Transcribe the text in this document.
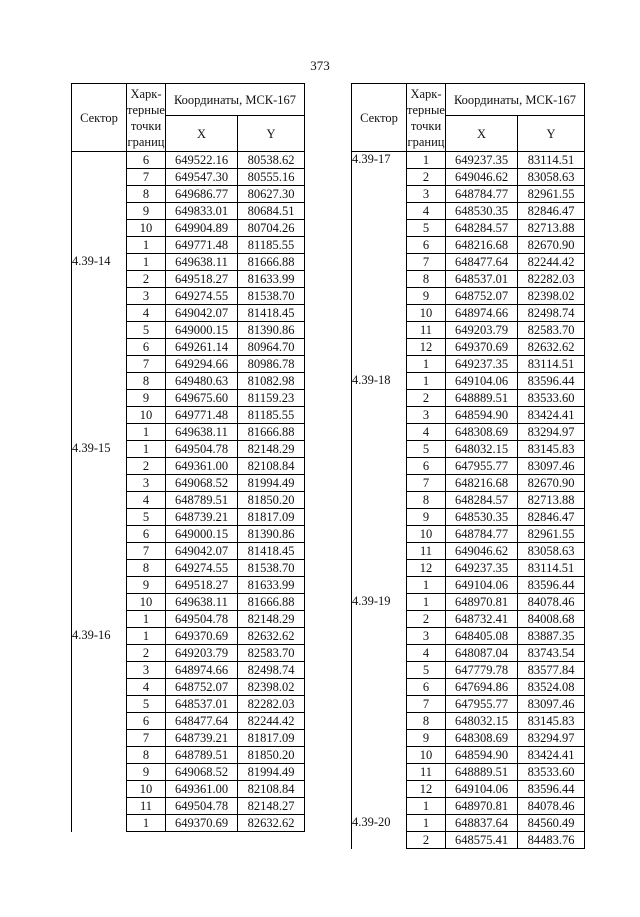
373
Сектор	Харк-терные точки границ	Координаты, МСК-167	
		X	Y
	6	649522.16	80538.62
	7	649547.30	80555.16
	8	649686.77	80627.30
	9	649833.01	80684.51
	10	649904.89	80704.26
	1	649771.48	81185.55
4.39-14	1	649638.11	81666.88
	2	649518.27	81633.99
	3	649274.55	81538.70
	4	649042.07	81418.45
	5	649000.15	81390.86
	6	649261.14	80964.70
	7	649294.66	80986.78
	8	649480.63	81082.98
	9	649675.60	81159.23
	10	649771.48	81185.55
	1	649638.11	81666.88
4.39-15	1	649504.78	82148.29
	2	649361.00	82108.84
	3	649068.52	81994.49
	4	648789.51	81850.20
	5	648739.21	81817.09
	6	649000.15	81390.86
	7	649042.07	81418.45
	8	649274.55	81538.70
	9	649518.27	81633.99
	10	649638.11	81666.88
	1	649504.78	82148.29
4.39-16	1	649370.69	82632.62
	2	649203.79	82583.70
	3	648974.66	82498.74
	4	648752.07	82398.02
	5	648537.01	82282.03
	6	648477.64	82244.42
	7	648739.21	81817.09
	8	648789.51	81850.20
	9	649068.52	81994.49
	10	649361.00	82108.84
	11	649504.78	82148.27
	1	649370.69	82632.62
Сектор	Харк-терные точки границ	Координаты, МСК-167	
		X	Y
4.39-17	1	649237.35	83114.51
	2	649046.62	83058.63
	3	648784.77	82961.55
	4	648530.35	82846.47
	5	648284.57	82713.88
	6	648216.68	82670.90
	7	648477.64	82244.42
	8	648537.01	82282.03
	9	648752.07	82398.02
	10	648974.66	82498.74
	11	649203.79	82583.70
	12	649370.69	82632.62
	1	649237.35	83114.51
4.39-18	1	649104.06	83596.44
	2	648889.51	83533.60
	3	648594.90	83424.41
	4	648308.69	83294.97
	5	648032.15	83145.83
	6	647955.77	83097.46
	7	648216.68	82670.90
	8	648284.57	82713.88
	9	648530.35	82846.47
	10	648784.77	82961.55
	11	649046.62	83058.63
	12	649237.35	83114.51
	1	649104.06	83596.44
4.39-19	1	648970.81	84078.46
	2	648732.41	84008.68
	3	648405.08	83887.35
	4	648087.04	83743.54
	5	647779.78	83577.84
	6	647694.86	83524.08
	7	647955.77	83097.46
	8	648032.15	83145.83
	9	648308.69	83294.97
	10	648594.90	83424.41
	11	648889.51	83533.60
	12	649104.06	83596.44
	1	648970.81	84078.46
4.39-20	1	648837.64	84560.49
	2	648575.41	84483.76
